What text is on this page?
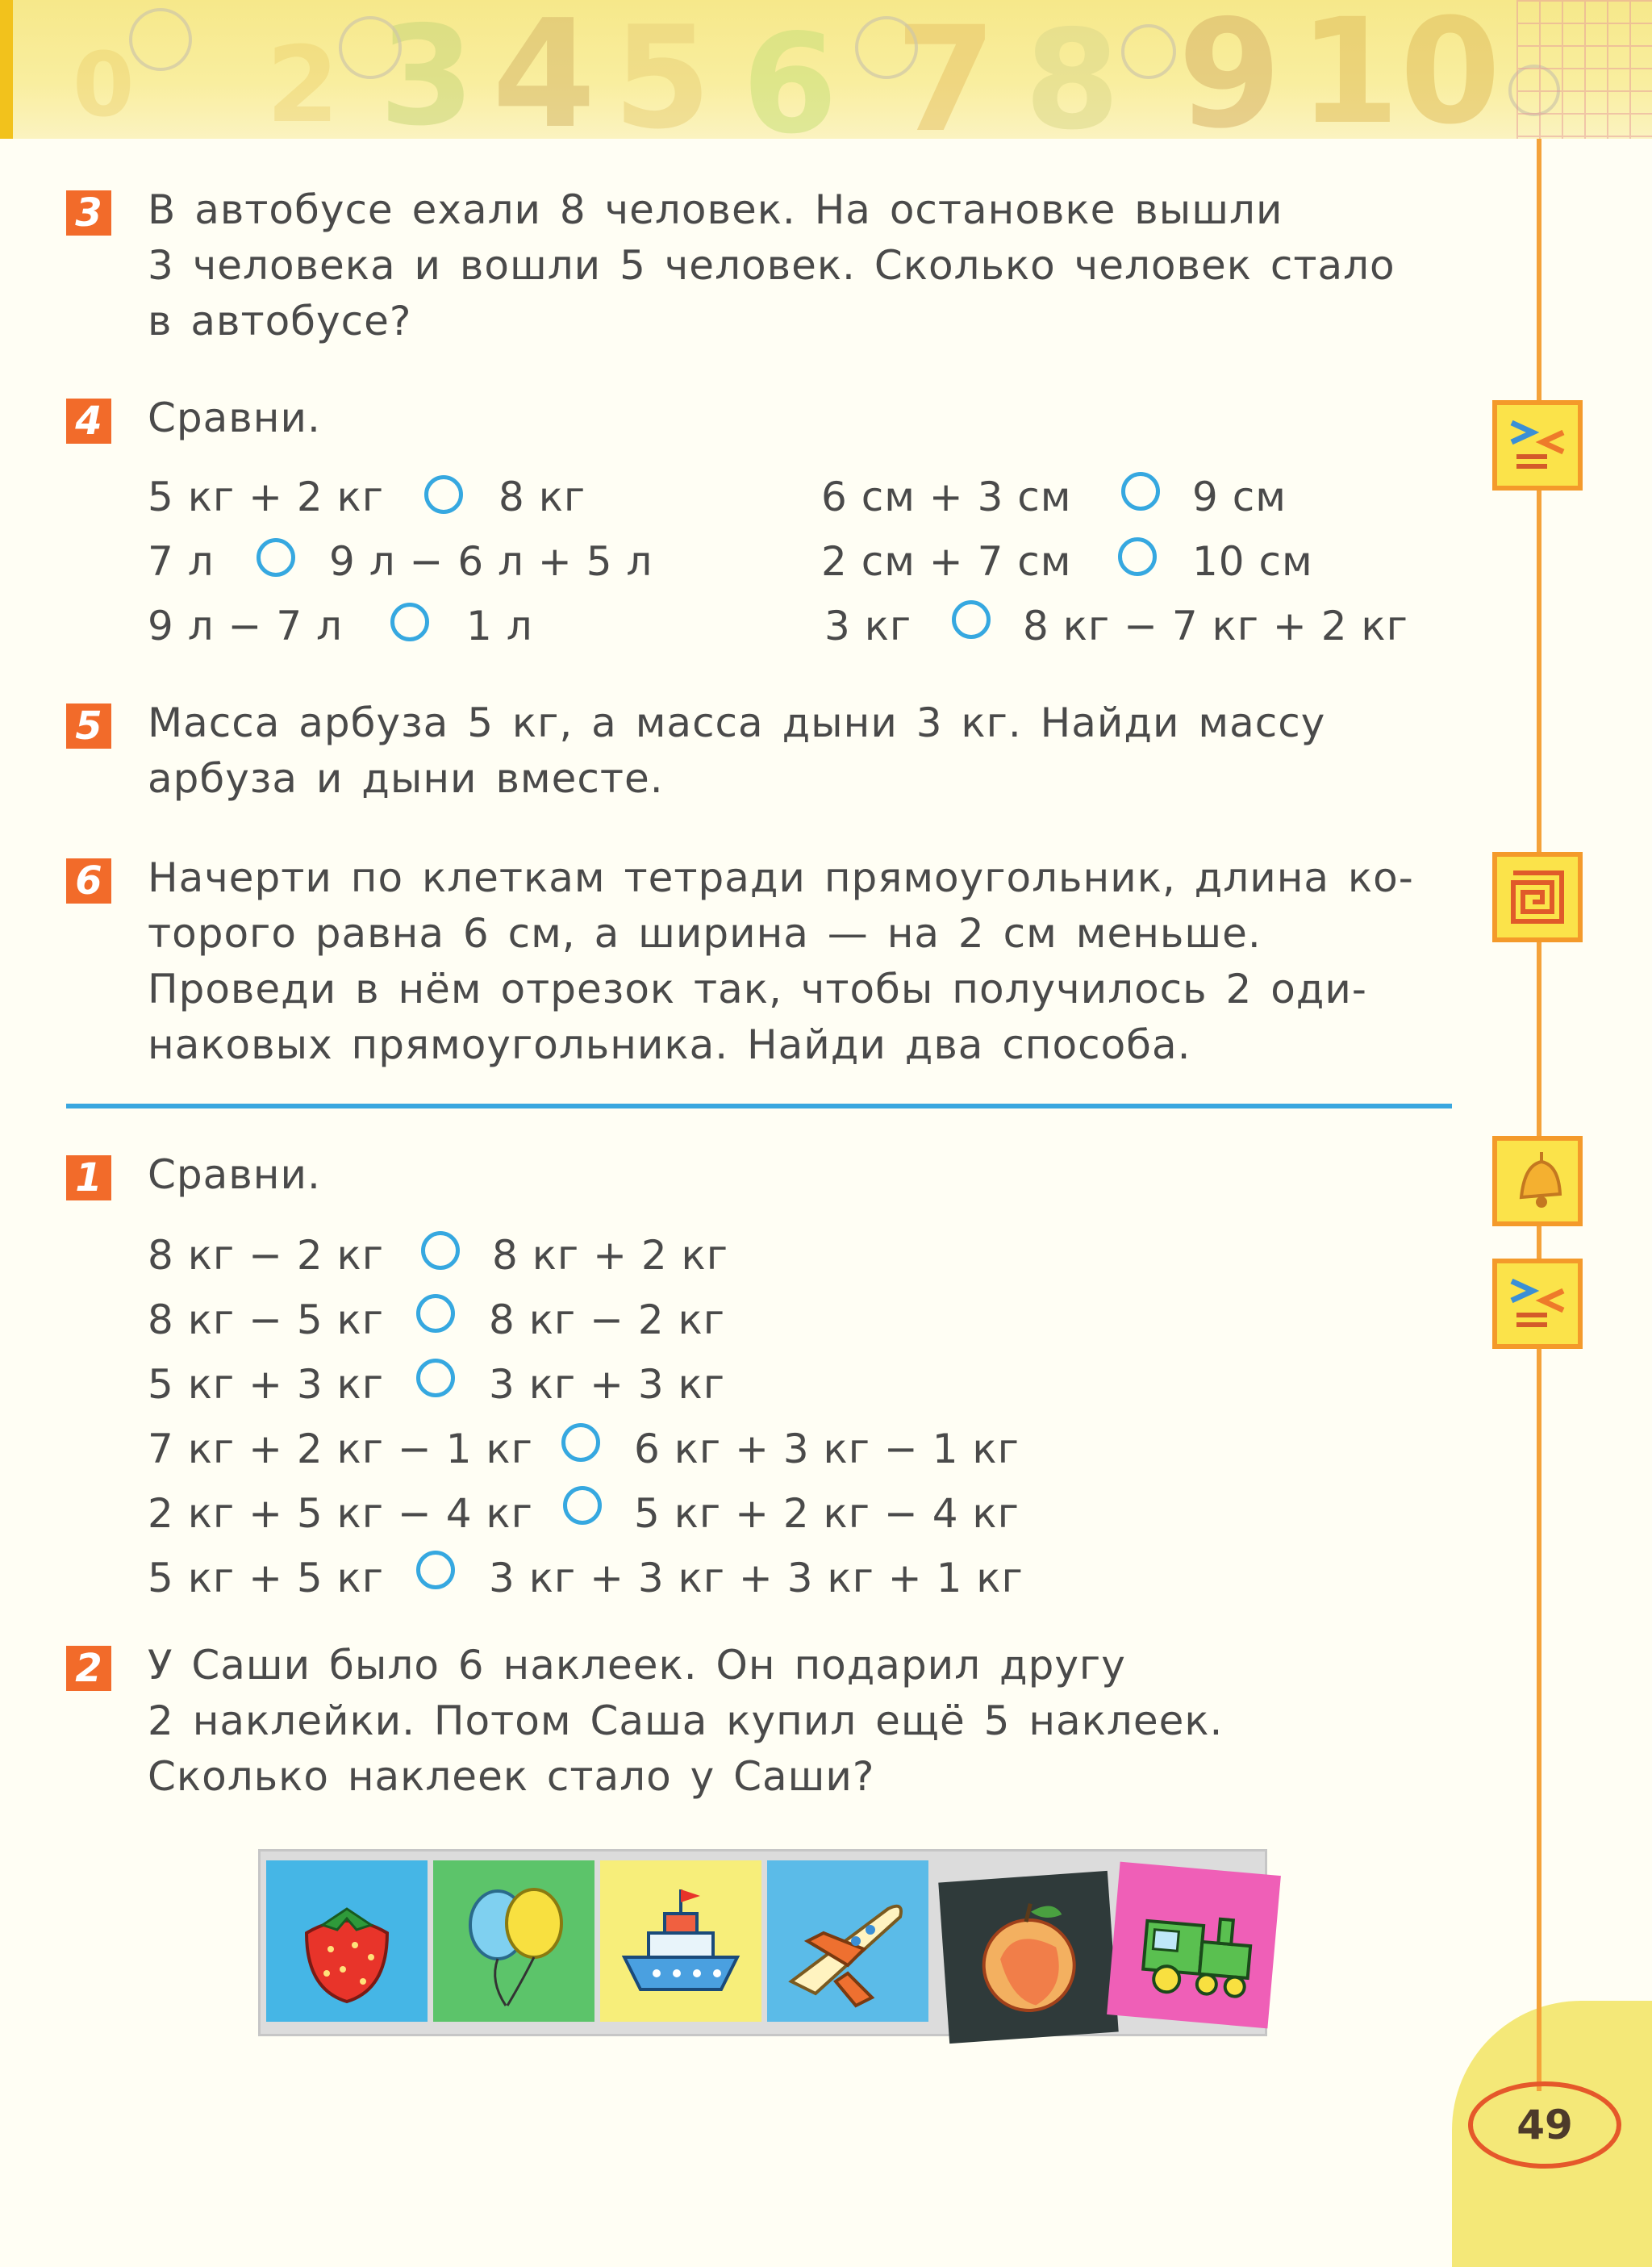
0 2 3 4 5 6 7 8 9 10
49
3 В автобусе ехали 8 человек. На остановке вышли
3 человека и вошли 5 человек. Сколько человек стало
в автобусе?
4 Сравни.
5 кг + 2 кг	8 кг
7 л	9 л − 6 л + 5 л
9 л − 7 л	1 л
6 см + 3 см	9 см
2 см + 7 см	10 см
3 кг	8 кг − 7 кг + 2 кг
5 Масса арбуза 5 кг, а масса дыни 3 кг. Найди массу
арбуза и дыни вместе.
6 Начерти по клеткам тетради прямоугольник, длина ко-
торого равна 6 см, а ширина — на 2 см меньше.
Проведи в нём отрезок так, чтобы получилось 2 оди-
наковых прямоугольника. Найди два способа.
1 Сравни.
8 кг − 2 кг	8 кг + 2 кг
8 кг − 5 кг	8 кг − 2 кг
5 кг + 3 кг	3 кг + 3 кг
7 кг + 2 кг − 1 кг	6 кг + 3 кг − 1 кг
2 кг + 5 кг − 4 кг	5 кг + 2 кг − 4 кг
5 кг + 5 кг	3 кг + 3 кг + 3 кг + 1 кг
2 У Саши было 6 наклеек. Он подарил другу
2 наклейки. Потом Саша купил ещё 5 наклеек.
Сколько наклеек стало у Саши?
